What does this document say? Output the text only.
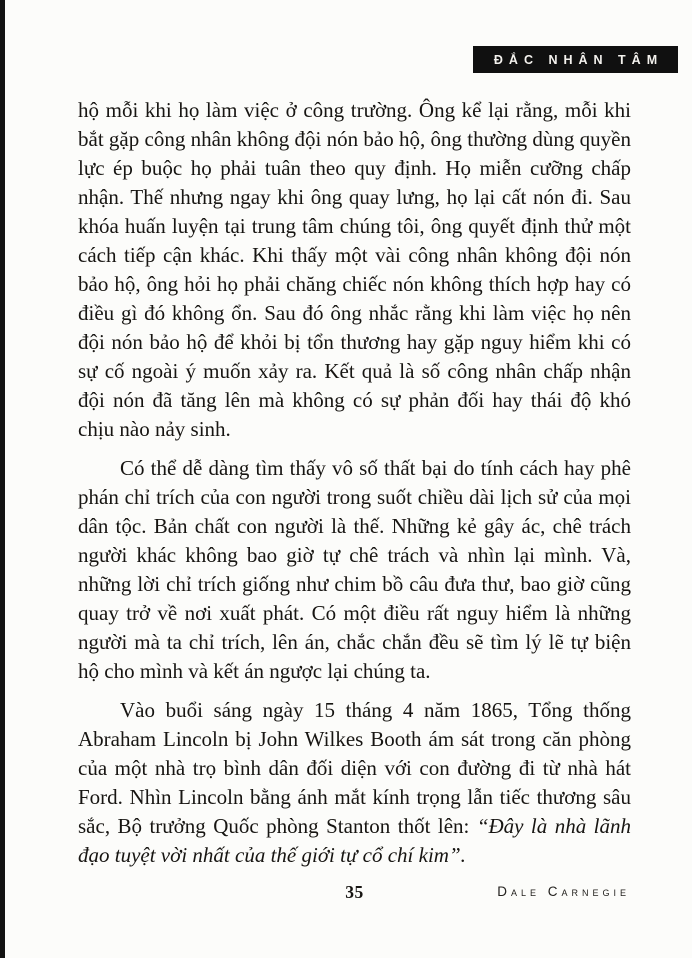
ĐẮC NHÂN TÂM

hộ mỗi khi họ làm việc ở công trường. Ông kể lại rằng, mỗi khi bắt gặp công nhân không đội nón bảo hộ, ông thường dùng quyền lực ép buộc họ phải tuân theo quy định. Họ miễn cưỡng chấp nhận. Thế nhưng ngay khi ông quay lưng, họ lại cất nón đi. Sau khóa huấn luyện tại trung tâm chúng tôi, ông quyết định thử một cách tiếp cận khác. Khi thấy một vài công nhân không đội nón bảo hộ, ông hỏi họ phải chăng chiếc nón không thích hợp hay có điều gì đó không ổn. Sau đó ông nhắc rằng khi làm việc họ nên đội nón bảo hộ để khỏi bị tổn thương hay gặp nguy hiểm khi có sự cố ngoài ý muốn xảy ra. Kết quả là số công nhân chấp nhận đội nón đã tăng lên mà không có sự phản đối hay thái độ khó chịu nào nảy sinh.

Có thể dễ dàng tìm thấy vô số thất bại do tính cách hay phê phán chỉ trích của con người trong suốt chiều dài lịch sử của mọi dân tộc. Bản chất con người là thế. Những kẻ gây ác, chê trách người khác không bao giờ tự chê trách và nhìn lại mình. Và, những lời chỉ trích giống như chim bồ câu đưa thư, bao giờ cũng quay trở về nơi xuất phát. Có một điều rất nguy hiểm là những người mà ta chỉ trích, lên án, chắc chắn đều sẽ tìm lý lẽ tự biện hộ cho mình và kết án ngược lại chúng ta.

Vào buổi sáng ngày 15 tháng 4 năm 1865, Tổng thống Abraham Lincoln bị John Wilkes Booth ám sát trong căn phòng của một nhà trọ bình dân đối diện với con đường đi từ nhà hát Ford. Nhìn Lincoln bằng ánh mắt kính trọng lẫn tiếc thương sâu sắc, Bộ trưởng Quốc phòng Stanton thốt lên: “Đây là nhà lãnh đạo tuyệt vời nhất của thế giới tự cổ chí kim”.

35	Dale Carnegie
